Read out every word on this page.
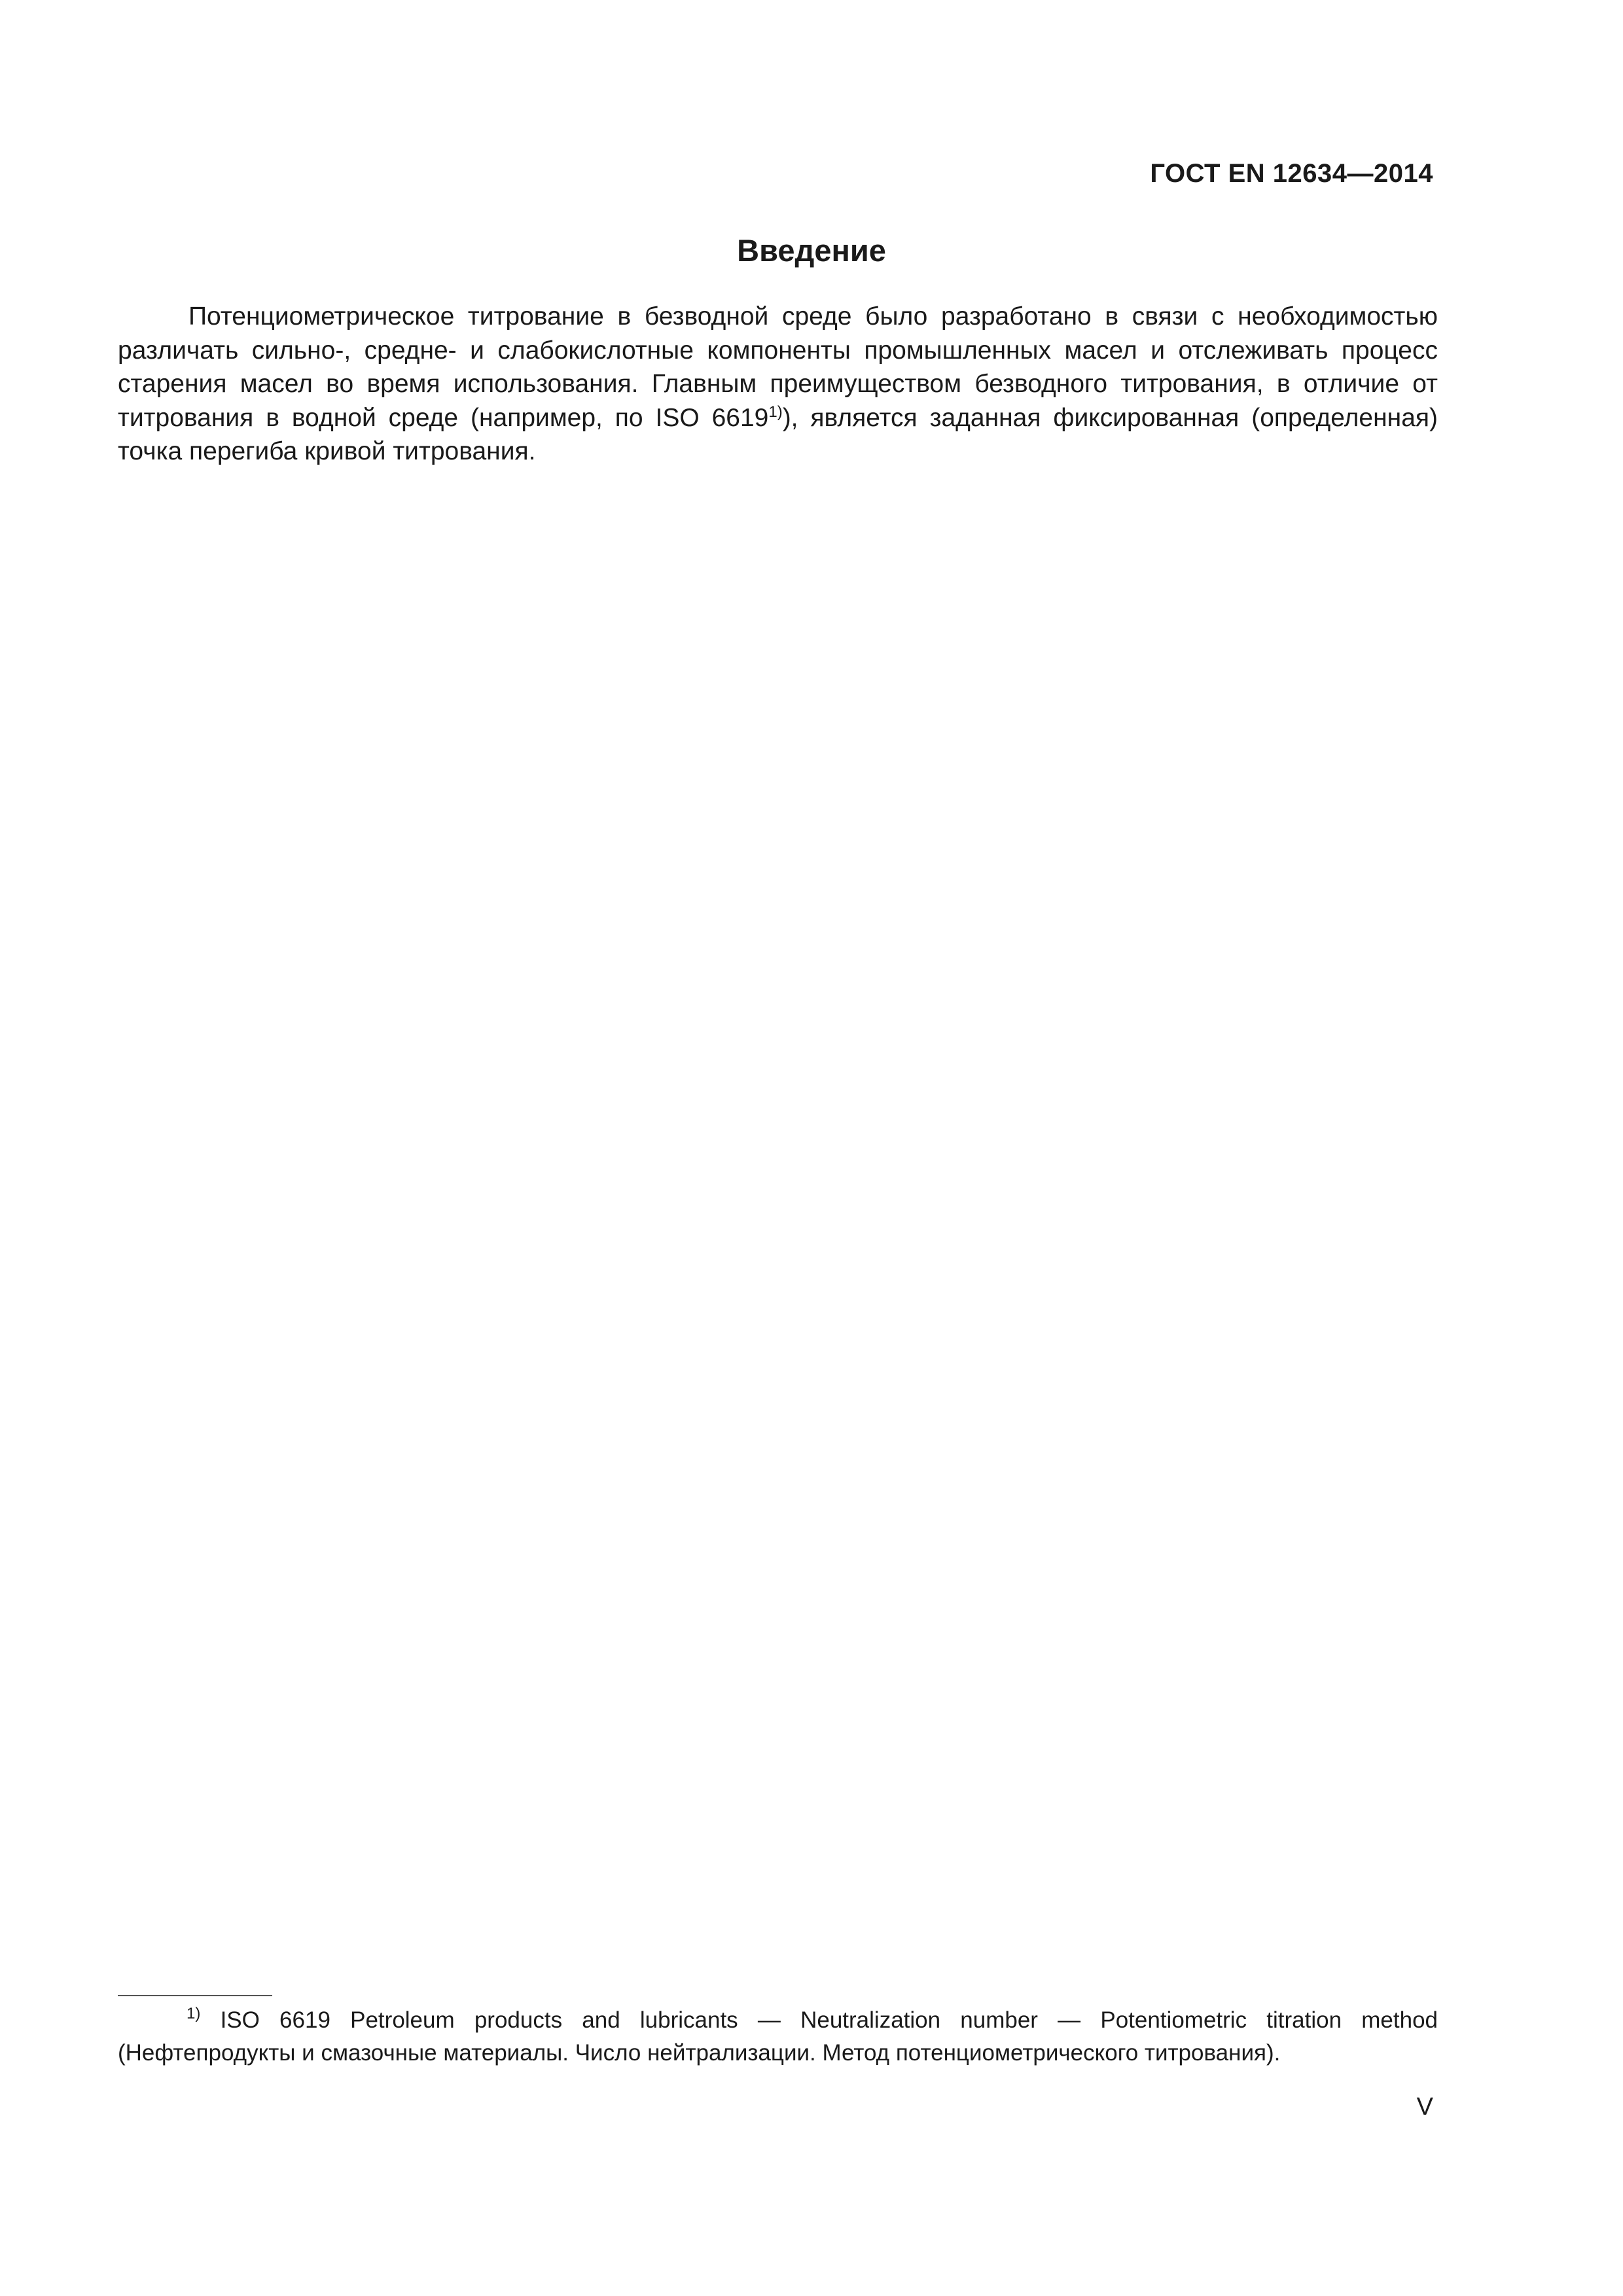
ГОСТ EN 12634—2014
Введение

Потенциометрическое титрование в безводной среде было разработано в связи с необходимостью различать сильно-, средне- и слабокислотные компоненты промышленных масел и отслеживать процесс старения масел во время использования. Главным преимуществом безводного титрования, в отличие от титрования в водной среде (например, по ISO 6619$^{1)}$), является заданная фиксированная (определенная) точка перегиба кривой титрования.

$^{1)}$ ISO 6619 Petroleum products and lubricants — Neutralization number — Potentiometric titration method (Нефтепродукты и смазочные материалы. Число нейтрализации. Метод потенциометрического титрования).

V
